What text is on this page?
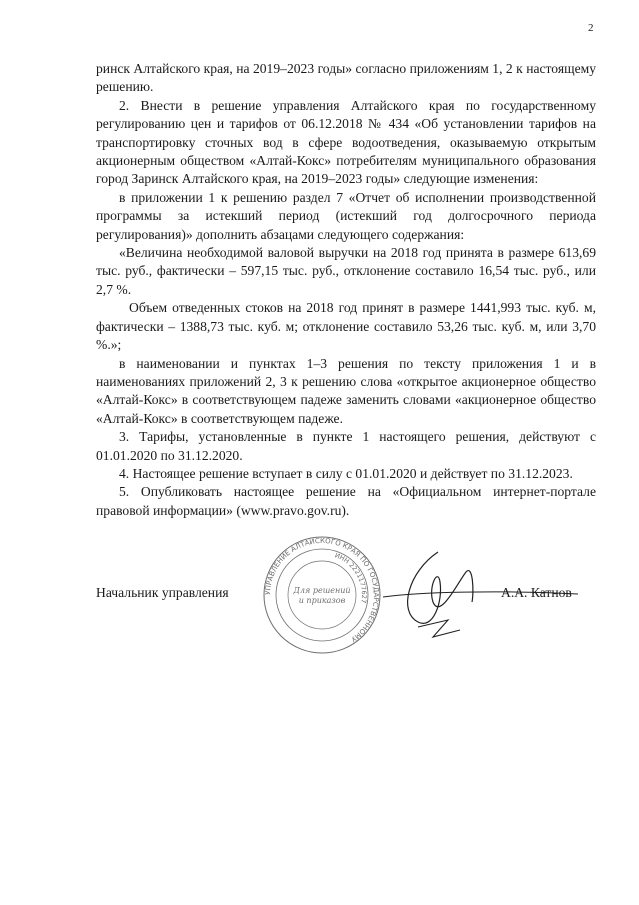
2

ринск Алтайского края, на 2019–2023 годы» согласно приложениям 1, 2 к настоящему решению.

2. Внести в решение управления Алтайского края по государственному регулированию цен и тарифов от 06.12.2018 № 434 «Об установлении тарифов на транспортировку сточных вод в сфере водоотведения, оказываемую открытым акционерным обществом «Алтай-Кокс» потребителям муниципального образования город Заринск Алтайского края, на 2019–2023 годы» следующие изменения:

в приложении 1 к решению раздел 7 «Отчет об исполнении производственной программы за истекший период (истекший год долгосрочного периода регулирования)» дополнить абзацами следующего содержания:

«Величина необходимой валовой выручки на 2018 год принята в размере 613,69 тыс. руб., фактически – 597,15 тыс. руб., отклонение составило 16,54 тыс. руб., или 2,7 %.

Объем отведенных стоков на 2018 год принят в размере 1441,993 тыс. куб. м, фактически – 1388,73 тыс. куб. м; отклонение составило 53,26 тыс. куб. м, или 3,70 %.»;

в наименовании и пунктах 1–3 решения по тексту приложения 1 и в наименованиях приложений 2, 3 к решению слова «открытое акционерное общество «Алтай-Кокс» в соответствующем падеже заменить словами «акционерное общество «Алтай-Кокс» в соответствующем падеже.

3. Тарифы, установленные в пункте 1 настоящего решения, действуют с 01.01.2020 по 31.12.2020.

4. Настоящее решение вступает в силу с 01.01.2020 и действует по 31.12.2023.

5. Опубликовать настоящее решение на «Официальном интернет-портале правовой информации» (www.pravo.gov.ru).

УПРАВЛЕНИЕ АЛТАЙСКОГО КРАЯ ПО ГОСУДАРСТВЕННОМУ
ИНН 2221177627
Для решений
и приказов
Начальник управления	А.А. Катнов
